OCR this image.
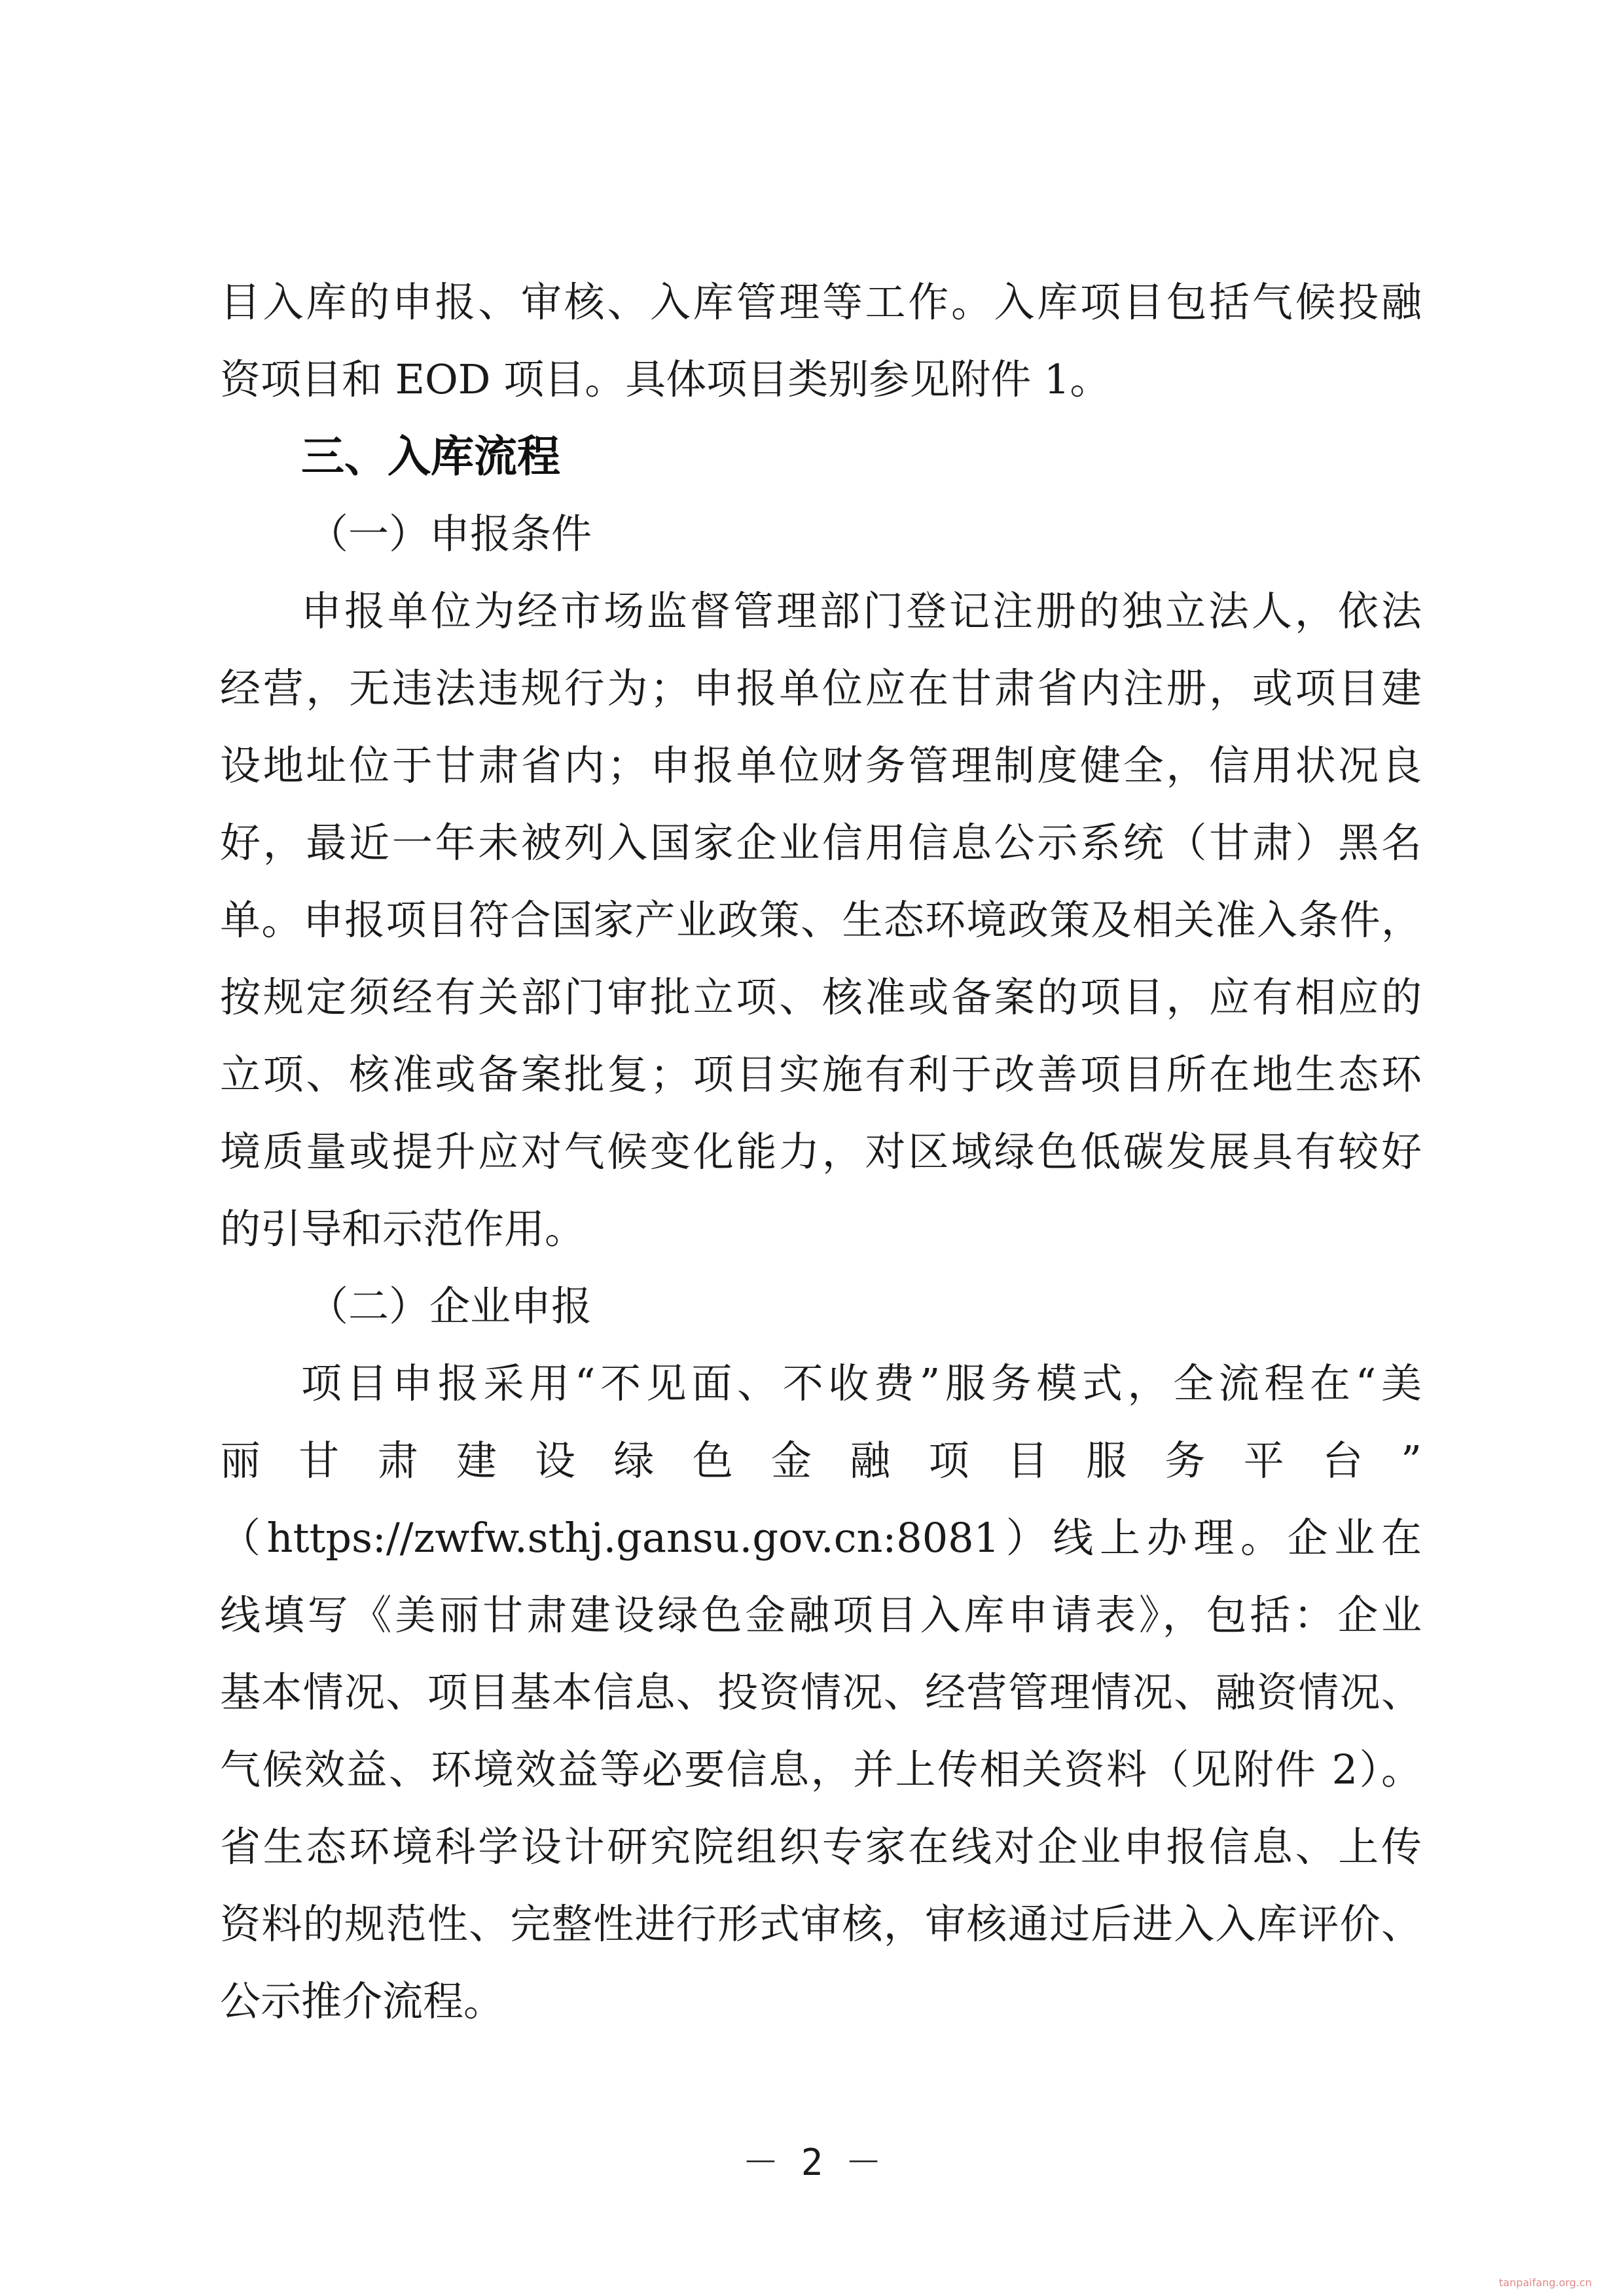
目入库的申报、审核、入库管理等工作。入库项目包括气候投融
资项目和 EOD 项目。具体项目类别参见附件 1。
三、入库流程
（一）申报条件
申报单位为经市场监督管理部门登记注册的独立法人，依法
经营，无违法违规行为；申报单位应在甘肃省内注册，或项目建
设地址位于甘肃省内；申报单位财务管理制度健全，信用状况良
好，最近一年未被列入国家企业信用信息公示系统（甘肃）黑名
单。申报项目符合国家产业政策、生态环境政策及相关准入条件，
按规定须经有关部门审批立项、核准或备案的项目，应有相应的
立项、核准或备案批复；项目实施有利于改善项目所在地生态环
境质量或提升应对气候变化能力，对区域绿色低碳发展具有较好
的引导和示范作用。
（二）企业申报
项目申报采用“不见面、不收费”服务模式，全流程在“美
丽 甘 肃 建 设 绿 色 金 融 项 目 服 务 平 台 ”
（https://zwfw.sthj.gansu.gov.cn:8081）线上办理。企业在
线填写《美丽甘肃建设绿色金融项目入库申请表》，包括：企业
基本情况、项目基本信息、投资情况、经营管理情况、融资情况、
气候效益、环境效益等必要信息，并上传相关资料（见附件 2）。
省生态环境科学设计研究院组织专家在线对企业申报信息、上传
资料的规范性、完整性进行形式审核，审核通过后进入入库评价、
公示推介流程。
－ 2 －
tanpaifang.org.cn
